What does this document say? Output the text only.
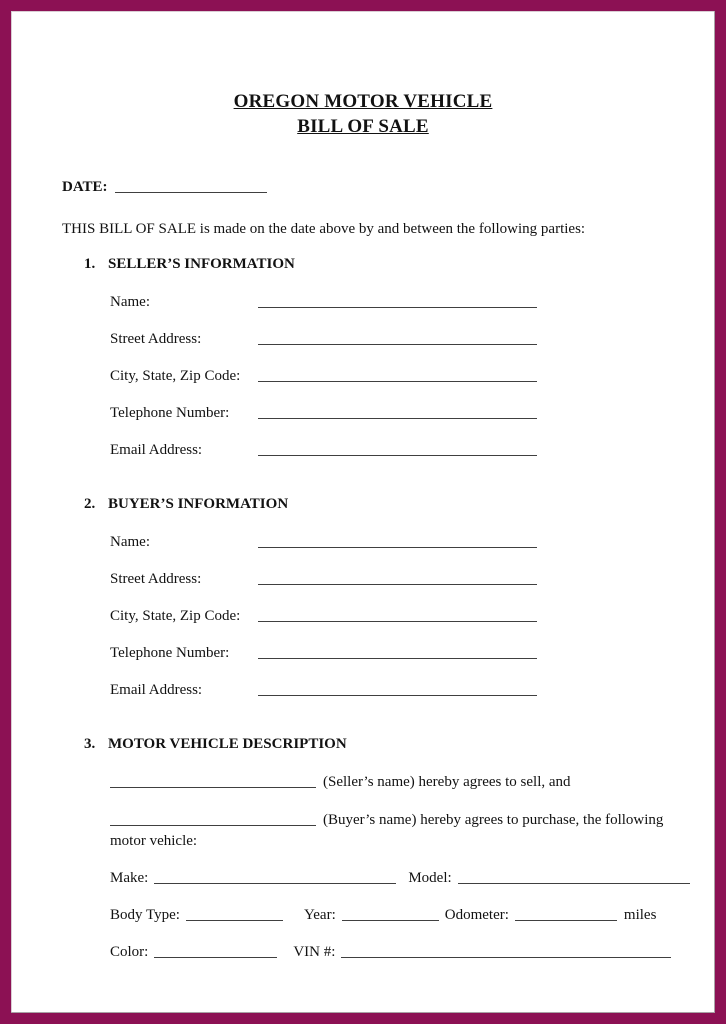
OREGON MOTOR VEHICLE
BILL OF SALE
DATE:
THIS BILL OF SALE is made on the date above by and between the following parties:
1. SELLER’S INFORMATION
Name:
Street Address:
City, State, Zip Code:
Telephone Number:
Email Address:
2. BUYER’S INFORMATION
Name:
Street Address:
City, State, Zip Code:
Telephone Number:
Email Address:
3. MOTOR VEHICLE DESCRIPTION
(Seller’s name) hereby agrees to sell, and
(Buyer’s name) hereby agrees to purchase, the following
motor vehicle:
Make:	Model:
Body Type:	Year:	Odometer:	miles
Color:	VIN #:
